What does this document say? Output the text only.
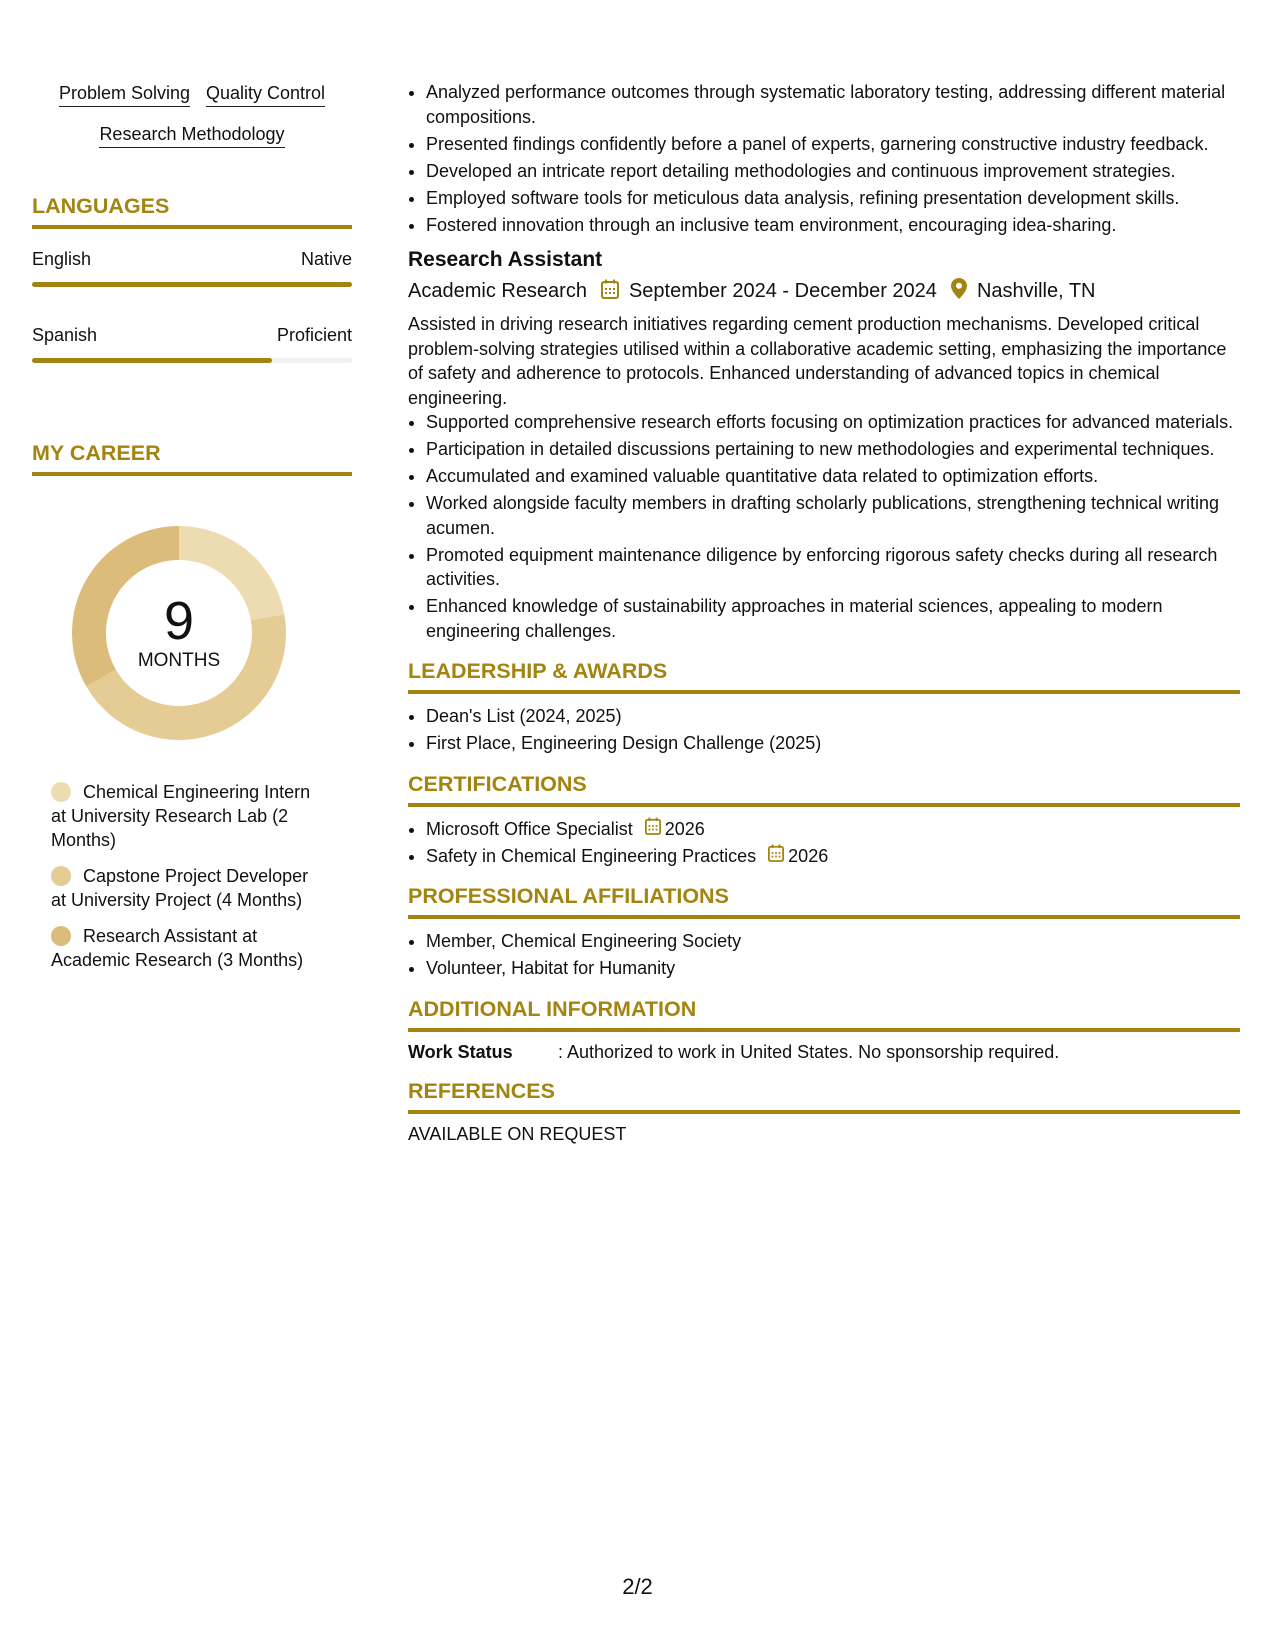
Problem Solving Quality Control
Research Methodology
LANGUAGES
English	Native
Spanish	Proficient
MY CAREER
9
MONTHS
Chemical Engineering Intern at University Research Lab (2 Months)
Capstone Project Developer at University Project (4 Months)
Research Assistant at Academic Research (3 Months)
• Analyzed performance outcomes through systematic laboratory testing, addressing different material compositions.
• Presented findings confidently before a panel of experts, garnering constructive industry feedback.
• Developed an intricate report detailing methodologies and continuous improvement strategies.
• Employed software tools for meticulous data analysis, refining presentation development skills.
• Fostered innovation through an inclusive team environment, encouraging idea-sharing.
Research Assistant
Academic Research September 2024 - December 2024 Nashville, TN
Assisted in driving research initiatives regarding cement production mechanisms. Developed critical problem-solving strategies utilised within a collaborative academic setting, emphasizing the importance of safety and adherence to protocols. Enhanced understanding of advanced topics in chemical engineering.
• Supported comprehensive research efforts focusing on optimization practices for advanced materials.
• Participation in detailed discussions pertaining to new methodologies and experimental techniques.
• Accumulated and examined valuable quantitative data related to optimization efforts.
• Worked alongside faculty members in drafting scholarly publications, strengthening technical writing acumen.
• Promoted equipment maintenance diligence by enforcing rigorous safety checks during all research activities.
• Enhanced knowledge of sustainability approaches in material sciences, appealing to modern engineering challenges.
LEADERSHIP & AWARDS
• Dean's List (2024, 2025)
• First Place, Engineering Design Challenge (2025)
CERTIFICATIONS
• Microsoft Office Specialist 2026
• Safety in Chemical Engineering Practices 2026
PROFESSIONAL AFFILIATIONS
• Member, Chemical Engineering Society
• Volunteer, Habitat for Humanity
ADDITIONAL INFORMATION
Work Status	: Authorized to work in United States. No sponsorship required.
REFERENCES
AVAILABLE ON REQUEST
2/2
